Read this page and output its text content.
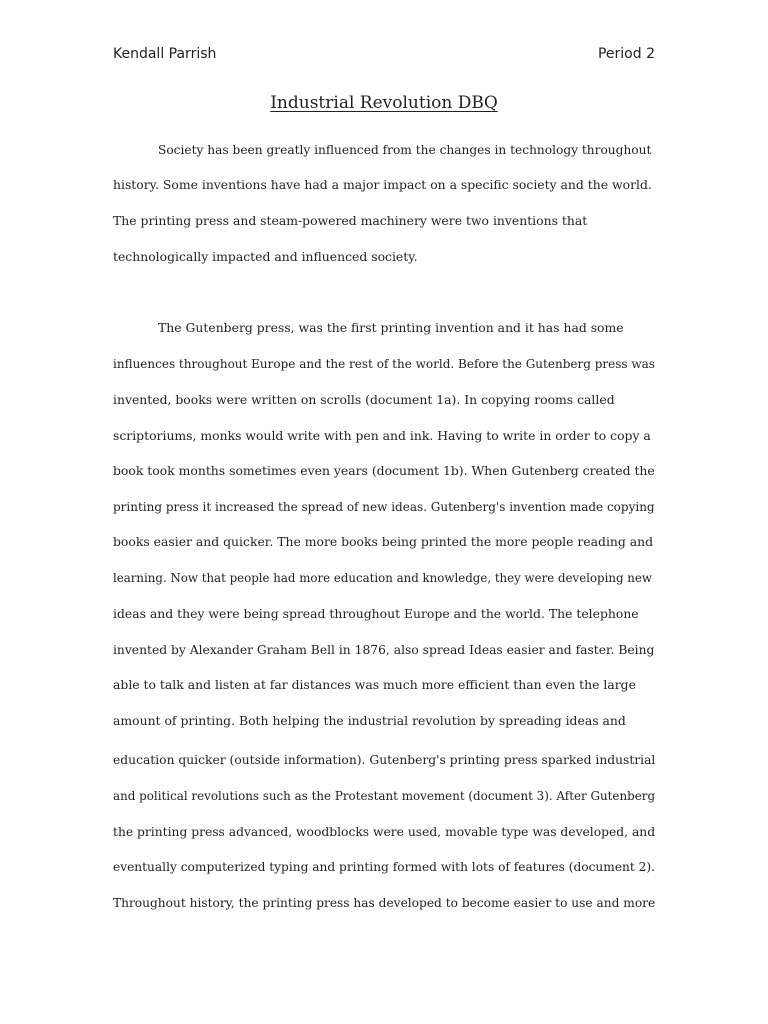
Kendall Parrish	Period 2
Industrial Revolution DBQ
Society has been greatly influenced from the changes in technology throughout
history. Some inventions have had a major impact on a specific society and the world.
The printing press and steam-powered machinery were two inventions that
technologically impacted and influenced society.
The Gutenberg press, was the first printing invention and it has had some
influences throughout Europe and the rest of the world. Before the Gutenberg press was
invented, books were written on scrolls (document 1a). In copying rooms called
scriptoriums, monks would write with pen and ink. Having to write in order to copy a
book took months sometimes even years (document 1b). When Gutenberg created the
printing press it increased the spread of new ideas. Gutenberg's invention made copying
books easier and quicker. The more books being printed the more people reading and
learning. Now that people had more education and knowledge, they were developing new
ideas and they were being spread throughout Europe and the world. The telephone
invented by Alexander Graham Bell in 1876, also spread Ideas easier and faster. Being
able to talk and listen at far distances was much more efficient than even the large
amount of printing. Both helping the industrial revolution by spreading ideas and
education quicker (outside information). Gutenberg's printing press sparked industrial
and political revolutions such as the Protestant movement (document 3). After Gutenberg
the printing press advanced, woodblocks were used, movable type was developed, and
eventually computerized typing and printing formed with lots of features (document 2).
Throughout history, the printing press has developed to become easier to use and more
